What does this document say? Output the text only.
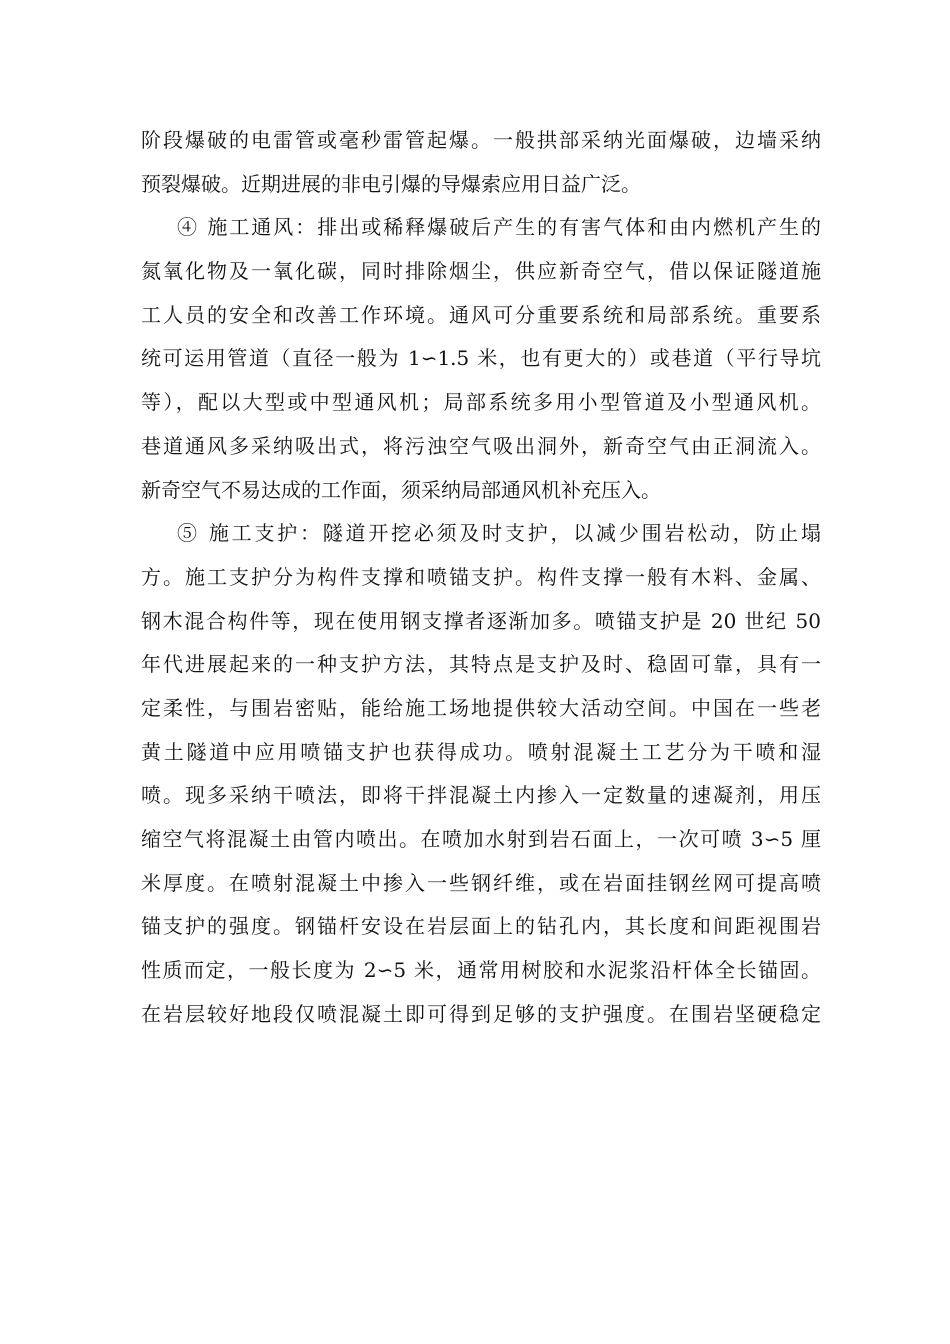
阶段爆破的电雷管或毫秒雷管起爆。一般拱部采纳光面爆破，边墙采纳
预裂爆破。近期进展的非电引爆的导爆索应用日益广泛。
④ 施工通风：排出或稀释爆破后产生的有害气体和由内燃机产生的
氮氧化物及一氧化碳，同时排除烟尘，供应新奇空气，借以保证隧道施
工人员的安全和改善工作环境。通风可分重要系统和局部系统。重要系
统可运用管道（直径一般为 1∽1.5 米，也有更大的）或巷道（平行导坑
等），配以大型或中型通风机；局部系统多用小型管道及小型通风机。
巷道通风多采纳吸出式，将污浊空气吸出洞外，新奇空气由正洞流入。
新奇空气不易达成的工作面，须采纳局部通风机补充压入。
⑤ 施工支护：隧道开挖必须及时支护，以减少围岩松动，防止塌
方。施工支护分为构件支撑和喷锚支护。构件支撑一般有木料、金属、
钢木混合构件等，现在使用钢支撑者逐渐加多。喷锚支护是 20 世纪 50
年代进展起来的一种支护方法，其特点是支护及时、稳固可靠，具有一
定柔性，与围岩密贴，能给施工场地提供较大活动空间。中国在一些老
黄土隧道中应用喷锚支护也获得成功。喷射混凝土工艺分为干喷和湿
喷。现多采纳干喷法，即将干拌混凝土内掺入一定数量的速凝剂，用压
缩空气将混凝土由管内喷出。在喷加水射到岩石面上，一次可喷 3∽5 厘
米厚度。在喷射混凝土中掺入一些钢纤维，或在岩面挂钢丝网可提高喷
锚支护的强度。钢锚杆安设在岩层面上的钻孔内，其长度和间距视围岩
性质而定，一般长度为 2∽5 米，通常用树胶和水泥浆沿杆体全长锚固。
在岩层较好地段仅喷混凝土即可得到足够的支护强度。在围岩坚硬稳定
